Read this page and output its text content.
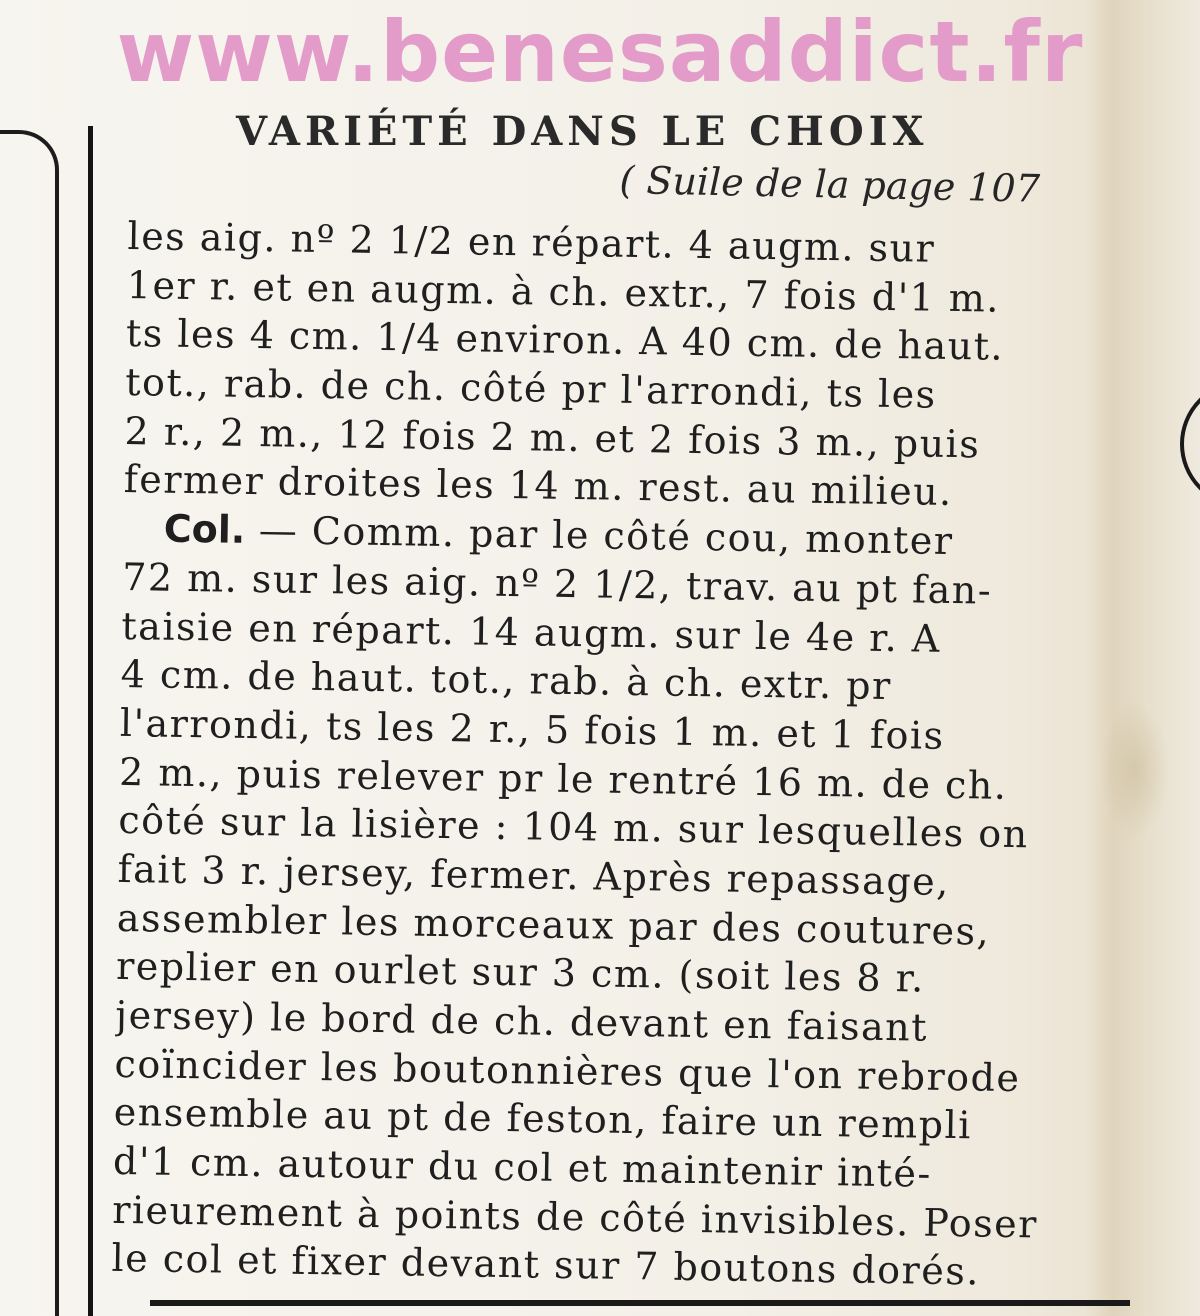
www.benesaddict.fr
VARIÉTÉ DANS LE CHOIX
( Suile de la page 107
les aig. nº 2 1/2 en répart. 4 augm. sur
1er r. et en augm. à ch. extr., 7 fois d'1 m.
ts les 4 cm. 1/4 environ. A 40 cm. de haut.
tot., rab. de ch. côté pr l'arrondi, ts les
2 r., 2 m., 12 fois 2 m. et 2 fois 3 m., puis
fermer droites les 14 m. rest. au milieu.
Col. — Comm. par le côté cou, monter
72 m. sur les aig. nº 2 1/2, trav. au pt fan-
taisie en répart. 14 augm. sur le 4e r. A
4 cm. de haut. tot., rab. à ch. extr. pr
l'arrondi, ts les 2 r., 5 fois 1 m. et 1 fois
2 m., puis relever pr le rentré 16 m. de ch.
côté sur la lisière : 104 m. sur lesquelles on
fait 3 r. jersey, fermer. Après repassage,
assembler les morceaux par des coutures,
replier en ourlet sur 3 cm. (soit les 8 r.
jersey) le bord de ch. devant en faisant
coïncider les boutonnières que l'on rebrode
ensemble au pt de feston, faire un rempli
d'1 cm. autour du col et maintenir inté-
rieurement à points de côté invisibles. Poser
le col et fixer devant sur 7 boutons dorés.
